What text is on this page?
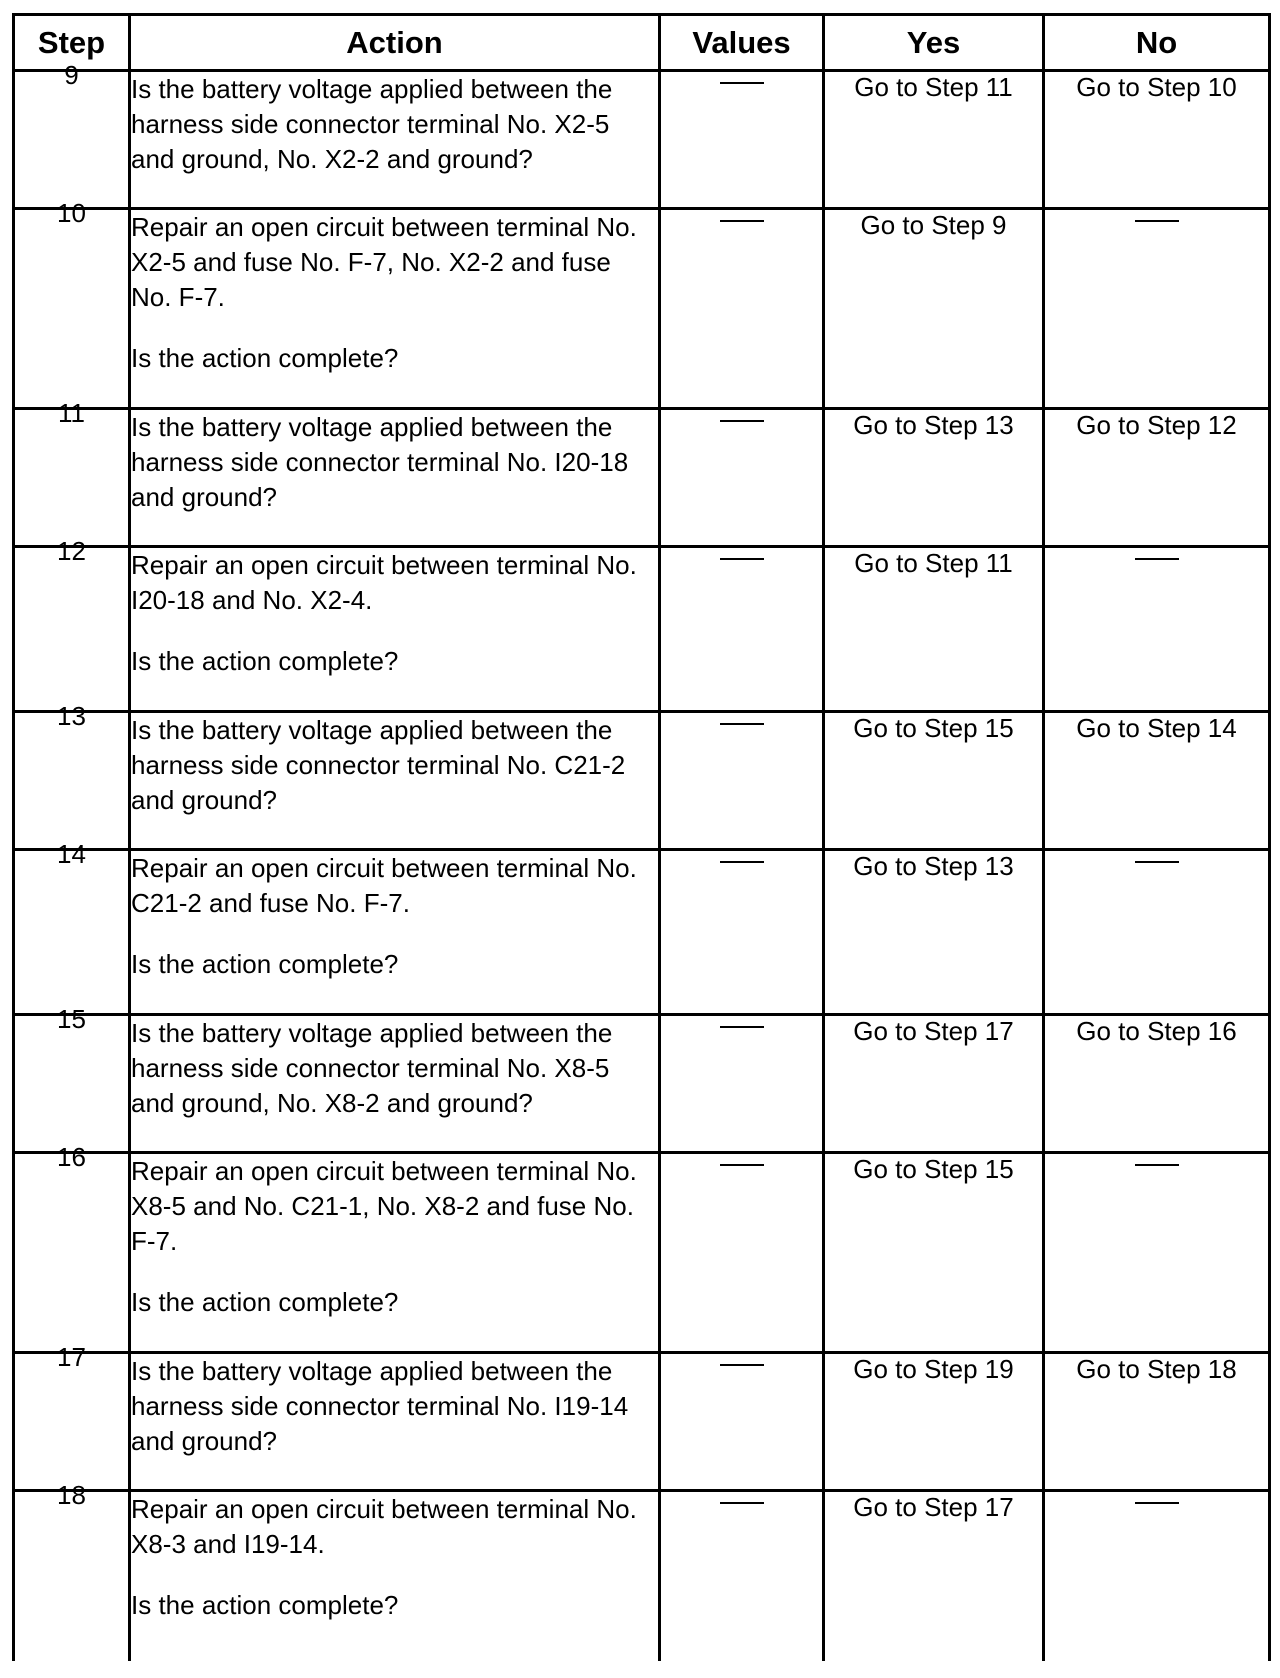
Step	Action	Values	Yes	No

9	Is the battery voltage applied between the harness side connector terminal No. X2-5 and ground, No. X2-2 and ground?		Go to Step 11	Go to Step 10

10	Repair an open circuit between terminal No. X2-5 and fuse No. F-7, No. X2-2 and fuse No. F-7.
Is the action complete?		Go to Step 9	

11	Is the battery voltage applied between the harness side connector terminal No. I20-18 and ground?		Go to Step 13	Go to Step 12

12	Repair an open circuit between terminal No. I20-18 and No. X2-4.
Is the action complete?		Go to Step 11	

13	Is the battery voltage applied between the harness side connector terminal No. C21-2 and ground?		Go to Step 15	Go to Step 14

14	Repair an open circuit between terminal No. C21-2 and fuse No. F-7.
Is the action complete?		Go to Step 13	

15	Is the battery voltage applied between the harness side connector terminal No. X8-5 and ground, No. X8-2 and ground?		Go to Step 17	Go to Step 16

16	Repair an open circuit between terminal No. X8-5 and No. C21-1, No. X8-2 and fuse No. F-7.
Is the action complete?		Go to Step 15	

17	Is the battery voltage applied between the harness side connector terminal No. I19-14 and ground?		Go to Step 19	Go to Step 18

18	Repair an open circuit between terminal No. X8-3 and I19-14.
Is the action complete?		Go to Step 17	
